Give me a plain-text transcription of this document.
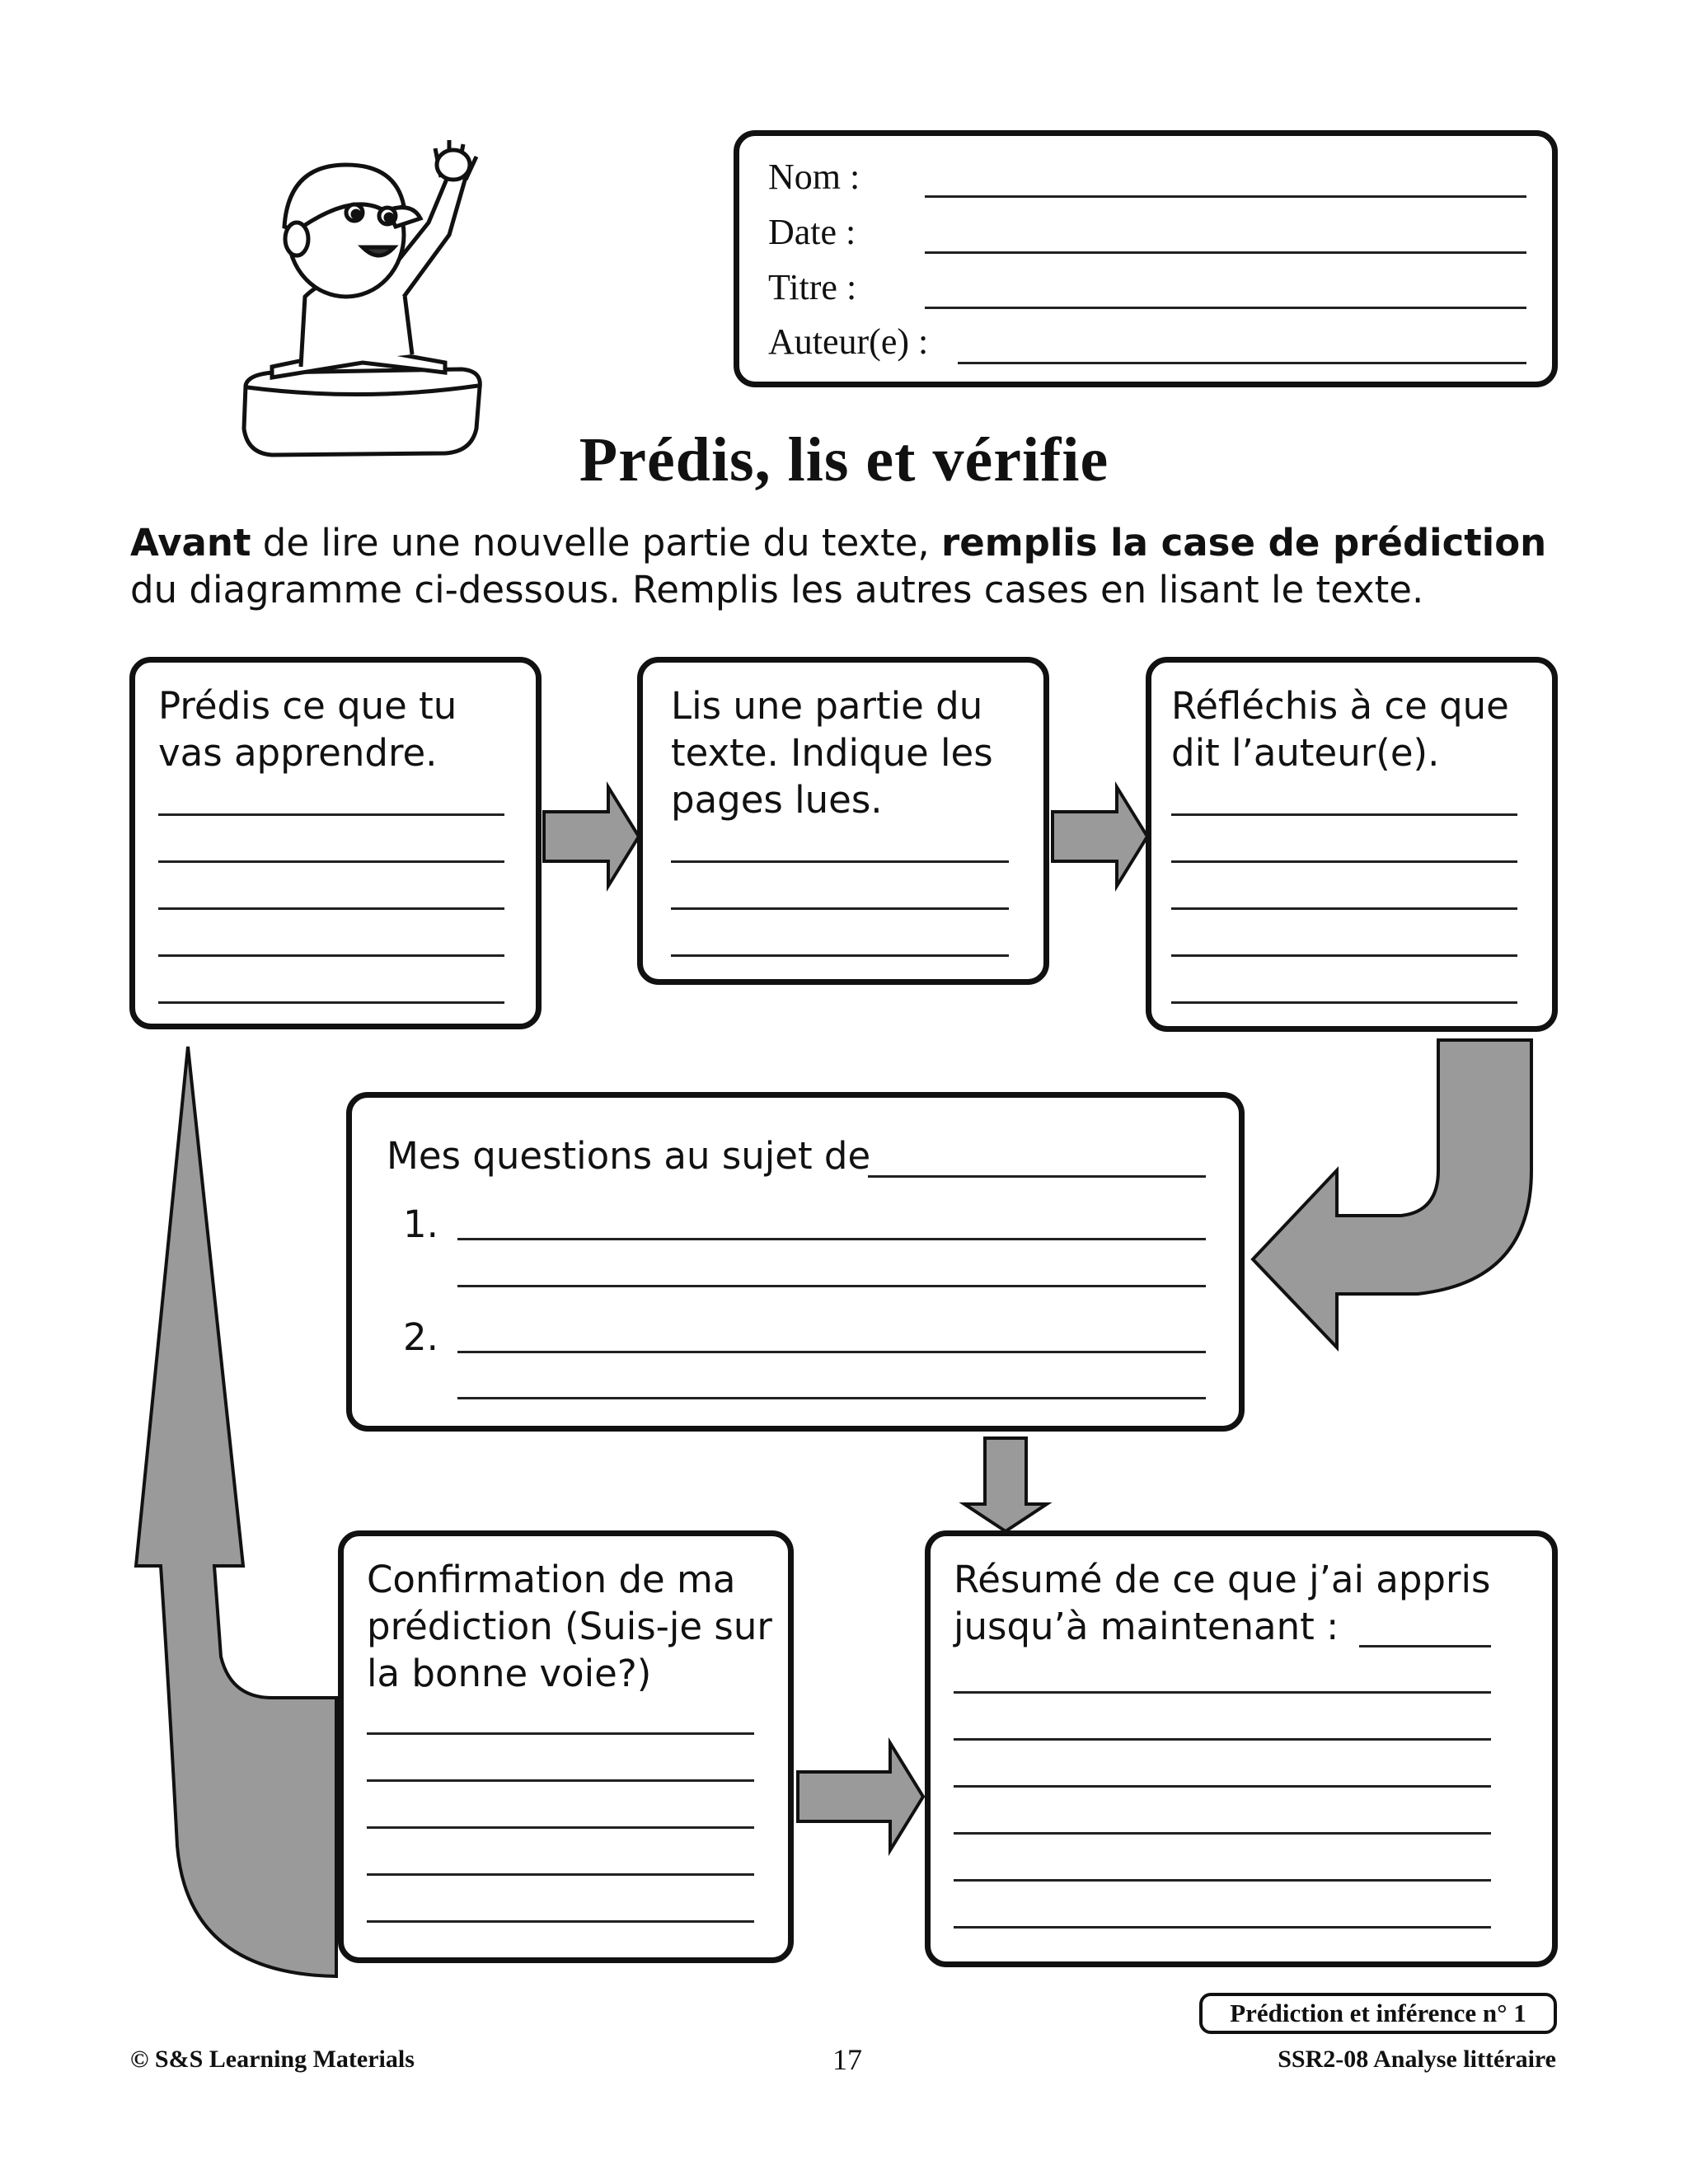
Nom :
Date :
Titre :
Auteur(e) :
Prédis, lis et vérifie
Avant de lire une nouvelle partie du texte, remplis la case de prédiction du diagramme ci-dessous. Remplis les autres cases en lisant le texte.
Prédis ce que tu vas apprendre.
Lis une partie du texte. Indique les pages lues.
Réfléchis à ce que dit l’auteur(e).
Mes questions au sujet de
1.
2.
Confirmation de ma prédiction (Suis-je sur la bonne voie?)
Résumé de ce que j’ai appris jusqu’à maintenant :
Prédiction et inférence n° 1
© S&S Learning Materials	17	SSR2-08 Analyse littéraire
